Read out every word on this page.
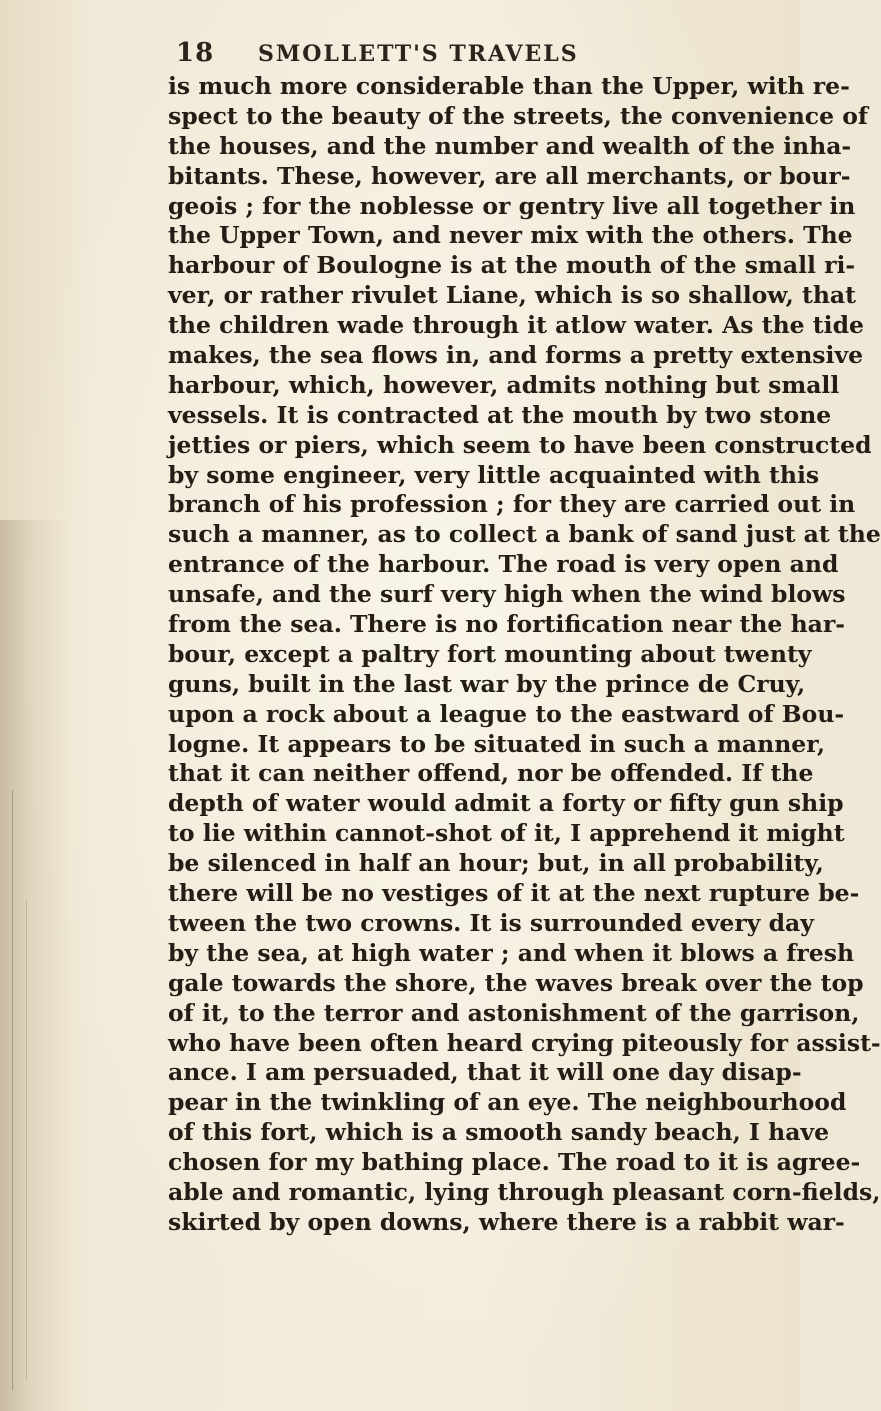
18 SMOLLETT'S TRAVELS
is much more considerable than the Upper, with re-
spect to the beauty of the streets, the convenience of
the houses, and the number and wealth of the inha-
bitants. These, however, are all merchants, or bour-
geois ; for the noblesse or gentry live all together in
the Upper Town, and never mix with the others. The
harbour of Boulogne is at the mouth of the small ri-
ver, or rather rivulet Liane, which is so shallow, that
the children wade through it atlow water. As the tide
makes, the sea flows in, and forms a pretty extensive
harbour, which, however, admits nothing but small
vessels. It is contracted at the mouth by two stone
jetties or piers, which seem to have been constructed
by some engineer, very little acquainted with this
branch of his profession ; for they are carried out in
such a manner, as to collect a bank of sand just at the
entrance of the harbour. The road is very open and
unsafe, and the surf very high when the wind blows
from the sea. There is no fortification near the har-
bour, except a paltry fort mounting about twenty
guns, built in the last war by the prince de Cruy,
upon a rock about a league to the eastward of Bou-
logne. It appears to be situated in such a manner,
that it can neither offend, nor be offended. If the
depth of water would admit a forty or fifty gun ship
to lie within cannot-shot of it, I apprehend it might
be silenced in half an hour; but, in all probability,
there will be no vestiges of it at the next rupture be-
tween the two crowns. It is surrounded every day
by the sea, at high water ; and when it blows a fresh
gale towards the shore, the waves break over the top
of it, to the terror and astonishment of the garrison,
who have been often heard crying piteously for assist-
ance. I am persuaded, that it will one day disap-
pear in the twinkling of an eye. The neighbourhood
of this fort, which is a smooth sandy beach, I have
chosen for my bathing place. The road to it is agree-
able and romantic, lying through pleasant corn-fields,
skirted by open downs, where there is a rabbit war-
